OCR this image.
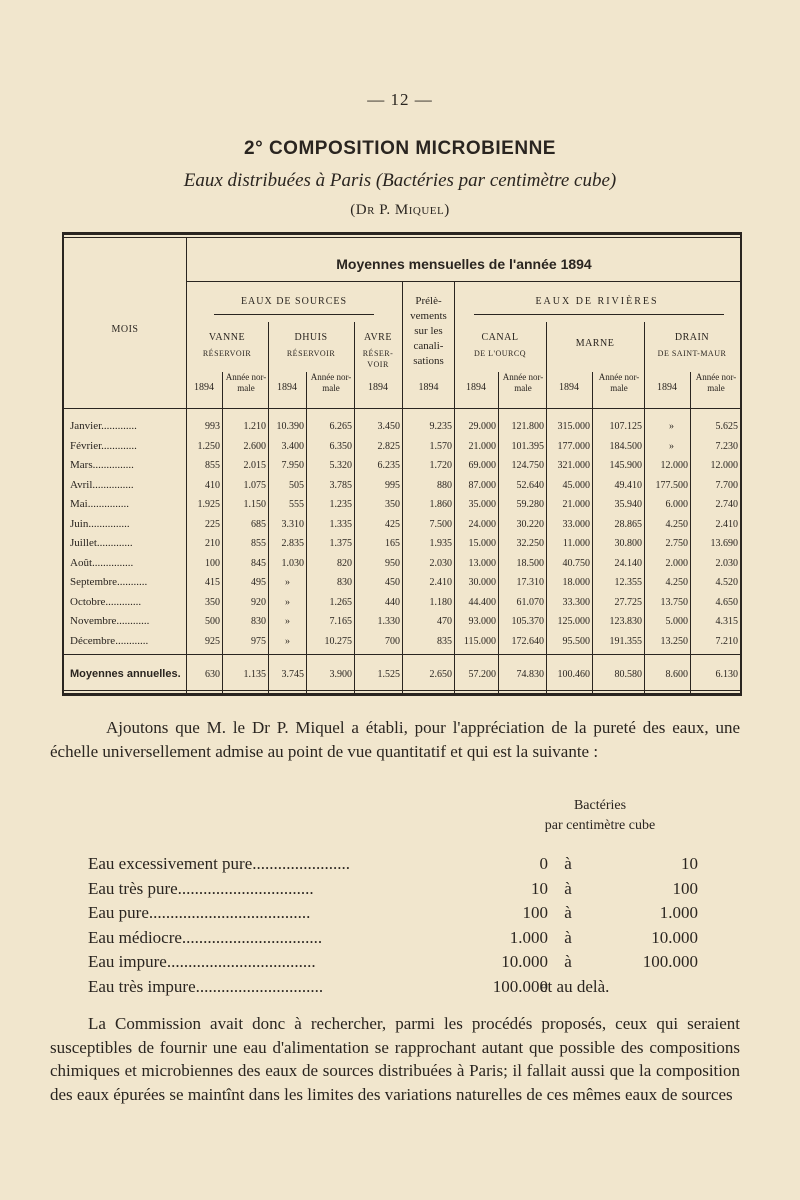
— 12 —
2° COMPOSITION MICROBIENNE
Eaux distribuées à Paris (Bactéries par centimètre cube)
(Dr P. Miquel)
Moyennes mensuelles de l'année 1894
MOIS
EAUX DE SOURCES	Prélè- vements sur les canali- sations
EAUX DE RIVIÈRES
VANNE
RÉSERVOIR
DHUIS
RÉSERVOIR
AVRE
RÉSER- VOIR
CANAL
DE L'OURCQ
MARNE
DRAIN
DE SAINT-MAUR
1894
Année nor- male	1894
Année nor- male	1894	1894	1894
Année nor- male	1894
Année nor- male	1894
Année nor- male
Janvier.............	993 1.210 10.390	6.265	3.450	9.235 29.000 121.800 315.000 107.125	»	5.625
Février.............	1.250 2.600 3.400	6.350	2.825	1.570 21.000 101.395 177.000 184.500	»	7.230
Mars...............	855 2.015 7.950	5.320	6.235	1.720 69.000 124.750 321.000 145.900 12.000 12.000
Avril...............	410 1.075 505	3.785	995	880 87.000 52.640 45.000 49.410 177.500	7.700
Mai...............	1.925 1.150 555	1.235	350	1.860 35.000 59.280 21.000 35.940 6.000	2.740
Juin...............	225	685 3.310	1.335	425	7.500 24.000 30.220 33.000 28.865 4.250	2.410
Juillet.............	210	855 2.835	1.375	165	1.935 15.000 32.250 11.000 30.800 2.750 13.690
Août...............	100	845 1.030	820	950	2.030 13.000 18.500 40.750 24.140 2.000	2.030
Septembre...........	415	495 »	830	450	2.410 30.000 17.310 18.000 12.355 4.250	4.520
Octobre.............	350	920 »	1.265	440	1.180 44.400 61.070 33.300 27.725 13.750	4.650
Novembre............	500	830 »	7.165	1.330	470 93.000 105.370 125.000 123.830 5.000	4.315
Décembre............	925	975 »	10.275	700	835 115.000 172.640 95.500 191.355 13.250	7.210
Moyennes annuelles. 630 1.135 3.745	3.900	1.525	2.650 57.200 74.830 100.460 80.580 8.600	6.130
Ajoutons que M. le Dr P. Miquel a établi, pour l'appréciation de la pureté des eaux, une échelle universellement admise au point de vue quantitatif et qui est la suivante :
Bactéries
par centimètre cube
Eau excessivement pure.......................	0 à	10
Eau très pure................................	10 à	100
Eau pure......................................	100 à	1.000
Eau médiocre.................................	1.000 à	10.000
Eau impure...................................	10.000 à	100.000
Eau très impure..............................	100.000
et au delà.
La Commission avait donc à rechercher, parmi les procédés proposés, ceux qui seraient susceptibles de fournir une eau d'alimentation se rapprochant autant que possible des compositions chimiques et microbiennes des eaux de sources distribuées à Paris; il fallait aussi que la composition des eaux épurées se maintînt dans les limites des variations naturelles de ces mêmes eaux de sources
